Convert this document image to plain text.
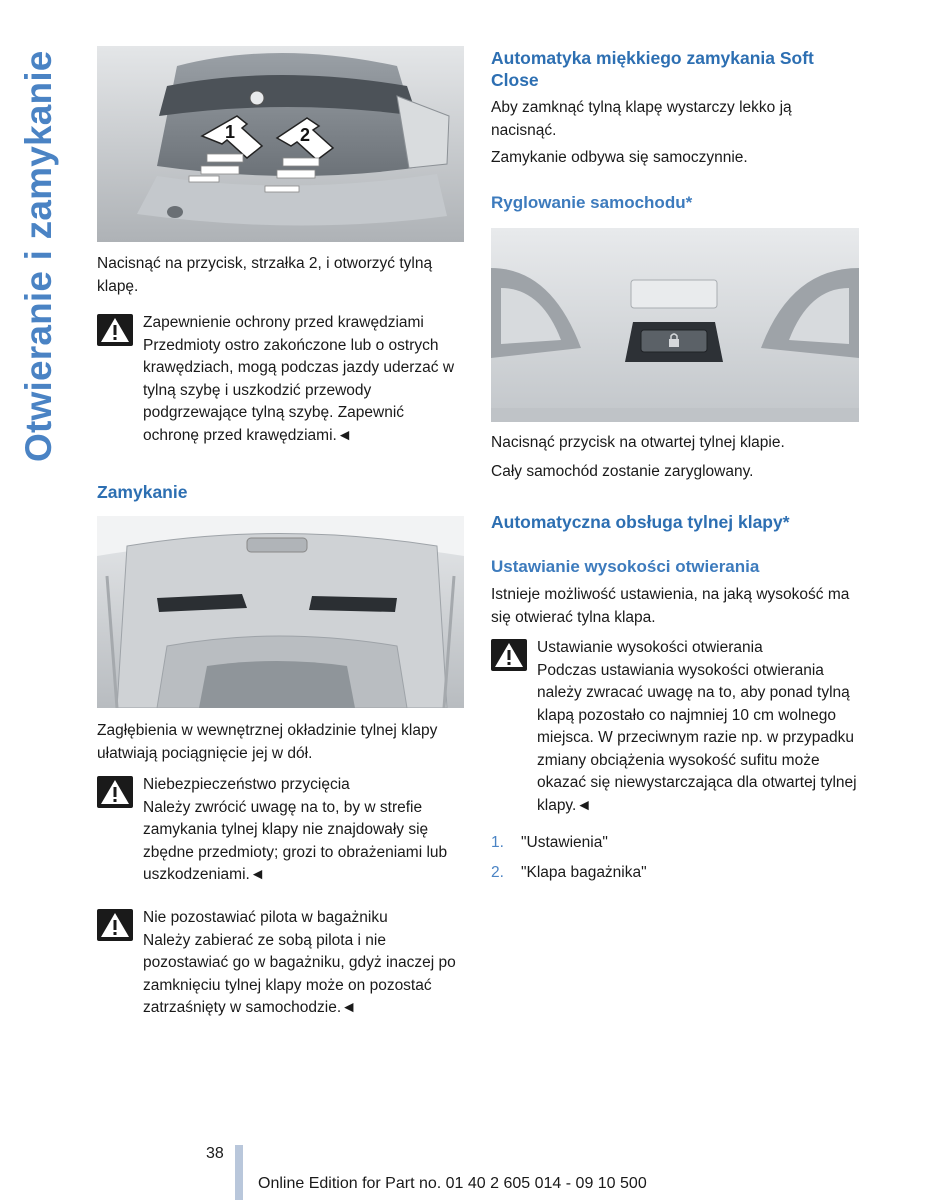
Otwieranie i zamykanie	1	2

Nacisnąć na przycisk, strzałka 2, i otworzyć tylną klapę.

Zapewnienie ochrony przed krawędziami

Przedmioty ostro zakończone lub o ostrych krawędziach, mogą podczas jazdy uderzać w tylną szybę i uszkodzić przewody podgrzewające tylną szybę. Zapewnić ochronę przed krawędziami.◄

Zamykanie

Zagłębienia w wewnętrznej okładzinie tylnej klapy ułatwiają pociągnięcie jej w dół.

Niebezpieczeństwo przycięcia

Należy zwrócić uwagę na to, by w strefie zamykania tylnej klapy nie znajdowały się zbędne przedmioty; grozi to obrażeniami lub uszkodzeniami.◄

Nie pozostawiać pilota w bagażniku

Należy zabierać ze sobą pilota i nie pozostawiać go w bagażniku, gdyż inaczej po zamknięciu tylnej klapy może on pozostać zatrzaśnięty w samochodzie.◄

Automatyka miękkiego zamykania Soft Close

Aby zamknąć tylną klapę wystarczy lekko ją nacisnąć.

Zamykanie odbywa się samoczynnie.

Ryglowanie samochodu*

Nacisnąć przycisk na otwartej tylnej klapie.

Cały samochód zostanie zaryglowany.

Automatyczna obsługa tylnej klapy*
Ustawianie wysokości otwierania

Istnieje możliwość ustawienia, na jaką wysokość ma się otwierać tylna klapa.

Ustawianie wysokości otwierania

Podczas ustawiania wysokości otwierania należy zwracać uwagę na to, aby ponad tylną klapą pozostało co najmniej 10 cm wolnego miejsca. W przeciwnym razie np. w przypadku zmiany obciążenia wysokość sufitu może okazać się niewystarczająca dla otwartej tylnej klapy.◄

1.	"Ustawienia"
2.	"Klapa bagażnika"
38
Online Edition for Part no. 01 40 2 605 014 - 09 10 500
